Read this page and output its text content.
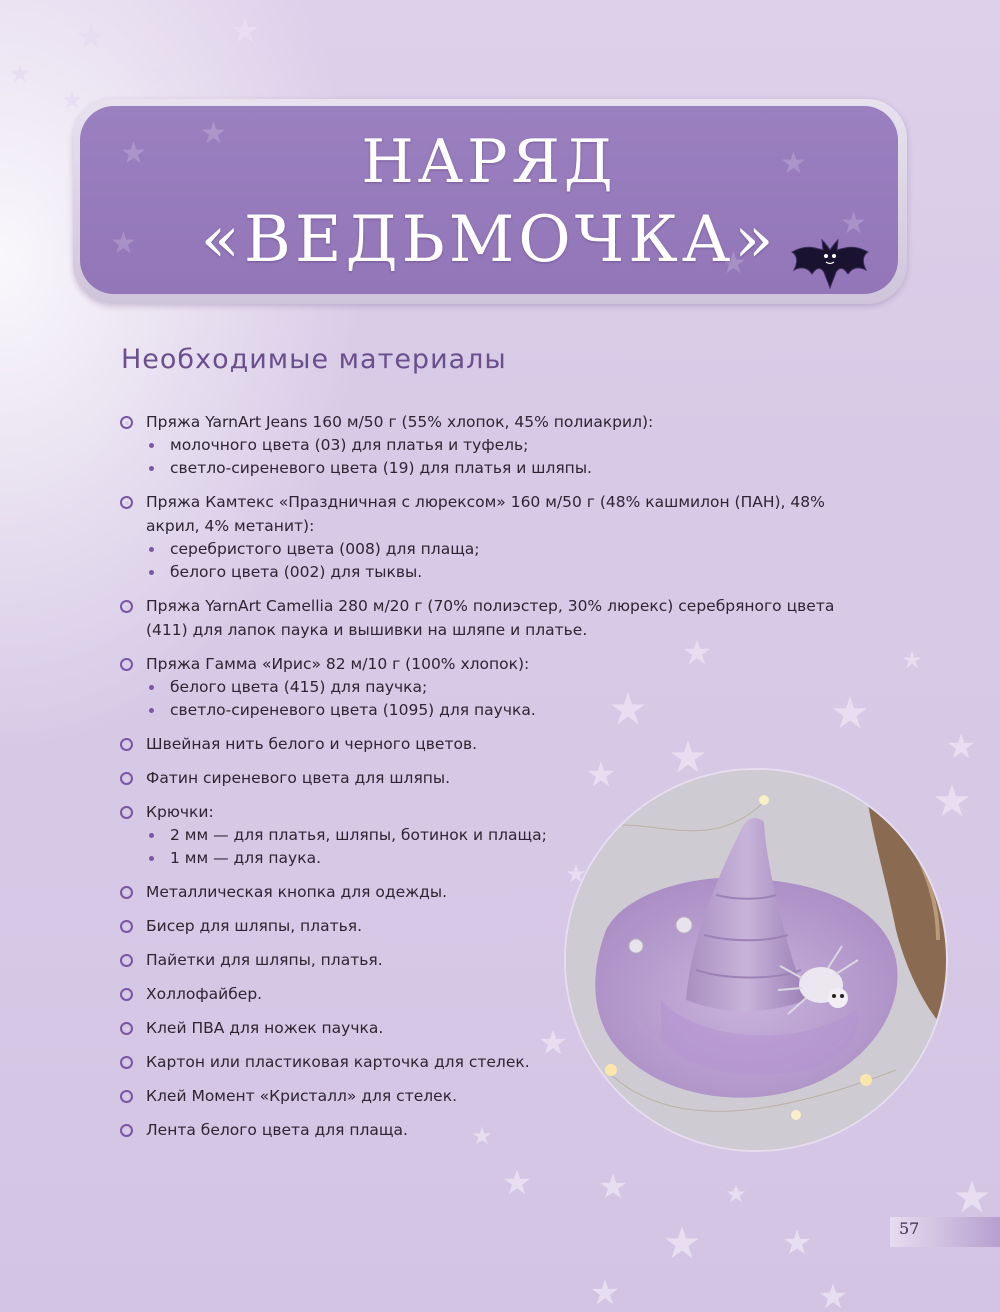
★
★
★
★
★
★
★
★
★
★
★
★
★
★
★
★
★
★
★
★
★
★
★
★
★
★
★
★
★
★
НАРЯД
«ВЕДЬМОЧКА»
Необходимые материалы
Пряжа YarnArt Jeans 160 м/50 г (55% хлопок, 45% полиакрил):
молочного цвета (03) для платья и туфель;
светло-сиреневого цвета (19) для платья и шляпы.
Пряжа Камтекс «Праздничная с люрексом» 160 м/50 г (48% кашмилон (ПАН), 48% акрил, 4% метанит):
серебристого цвета (008) для плаща;
белого цвета (002) для тыквы.
Пряжа YarnArt Camellia 280 м/20 г (70% полиэстер, 30% люрекс) серебряного цвета (411) для лапок паука и вышивки на шляпе и платье.
Пряжа Гамма «Ирис» 82 м/10 г (100% хлопок):
белого цвета (415) для паучка;
светло-сиреневого цвета (1095) для паучка.
Швейная нить белого и черного цветов.
Фатин сиреневого цвета для шляпы.
Крючки:
2 мм — для платья, шляпы, ботинок и плаща;
1 мм — для паука.
Металлическая кнопка для одежды.
Бисер для шляпы, платья.
Пайетки для шляпы, платья.
Холлофайбер.
Клей ПВА для ножек паучка.
Картон или пластиковая карточка для стелек.
Клей Момент «Кристалл» для стелек.
Лента белого цвета для плаща.
57
